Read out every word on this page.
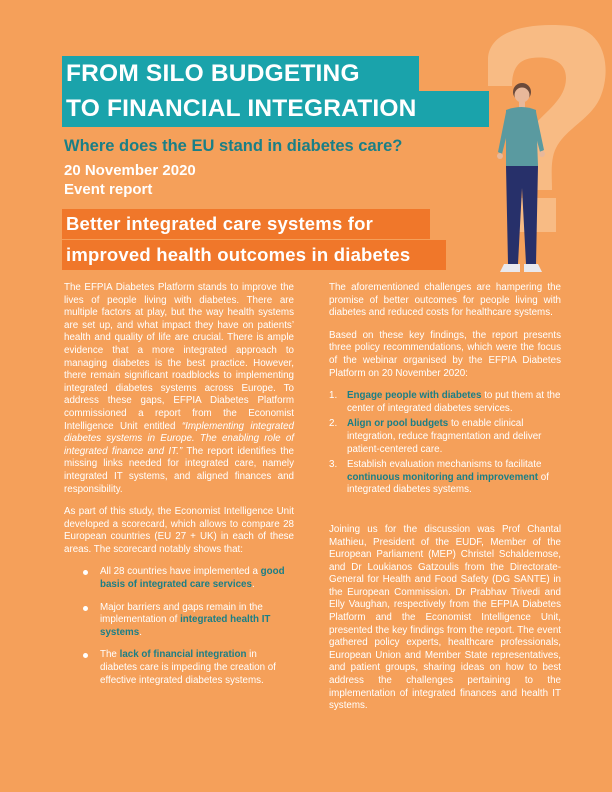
FROM SILO BUDGETING
TO FINANCIAL INTEGRATION
Where does the EU stand in diabetes care?
20 November 2020
Event report
Better integrated care systems for
improved health outcomes in diabetes

The EFPIA Diabetes Platform stands to improve the lives of people living with diabetes. There are multiple factors at play, but the way health systems are set up, and what impact they have on patients’ health and quality of life are crucial. There is ample evidence that a more integrated approach to managing diabetes is the best practice. However, there remain significant roadblocks to implementing integrated diabetes systems across Europe. To address these gaps, EFPIA Diabetes Platform commissioned a report from the Economist Intelligence Unit entitled “Implementing integrated diabetes systems in Europe. The enabling role of integrated finance and IT.” The report identifies the missing links needed for integrated care, namely integrated IT systems, and aligned finances and responsibility.

As part of this study, the Economist Intelligence Unit developed a scorecard, which allows to compare 28 European countries (EU 27 + UK) in each of these areas. The scorecard notably shows that:

All 28 countries have implemented a good basis of integrated care services.
Major barriers and gaps remain in the implementation of integrated health IT systems.
The lack of financial integration in diabetes care is impeding the creation of effective integrated diabetes systems.

The aforementioned challenges are hampering the promise of better outcomes for people living with diabetes and reduced costs for healthcare systems.

Based on these key findings, the report presents three policy recommendations, which were the focus of the webinar organised by the EFPIA Diabetes Platform on 20 November 2020:

1. Engage people with diabetes to put them at the center of integrated diabetes services.
2. Align or pool budgets to enable clinical integration, reduce fragmentation and deliver patient-centered care.
3. Establish evaluation mechanisms to facilitate continuous monitoring and improvement of integrated diabetes systems.

Joining us for the discussion was Prof Chantal Mathieu, President of the EUDF, Member of the European Parliament (MEP) Christel Schaldemose, and Dr Loukianos Gatzoulis from the Directorate-General for Health and Food Safety (DG SANTE) in the European Commission. Dr Prabhav Trivedi and Elly Vaughan, respectively from the EFPIA Diabetes Platform and the Economist Intelligence Unit, presented the key findings from the report. The event gathered policy experts, healthcare professionals, European Union and Member State representatives, and patient groups, sharing ideas on how to best address the challenges pertaining to the implementation of integrated finances and health IT systems.
